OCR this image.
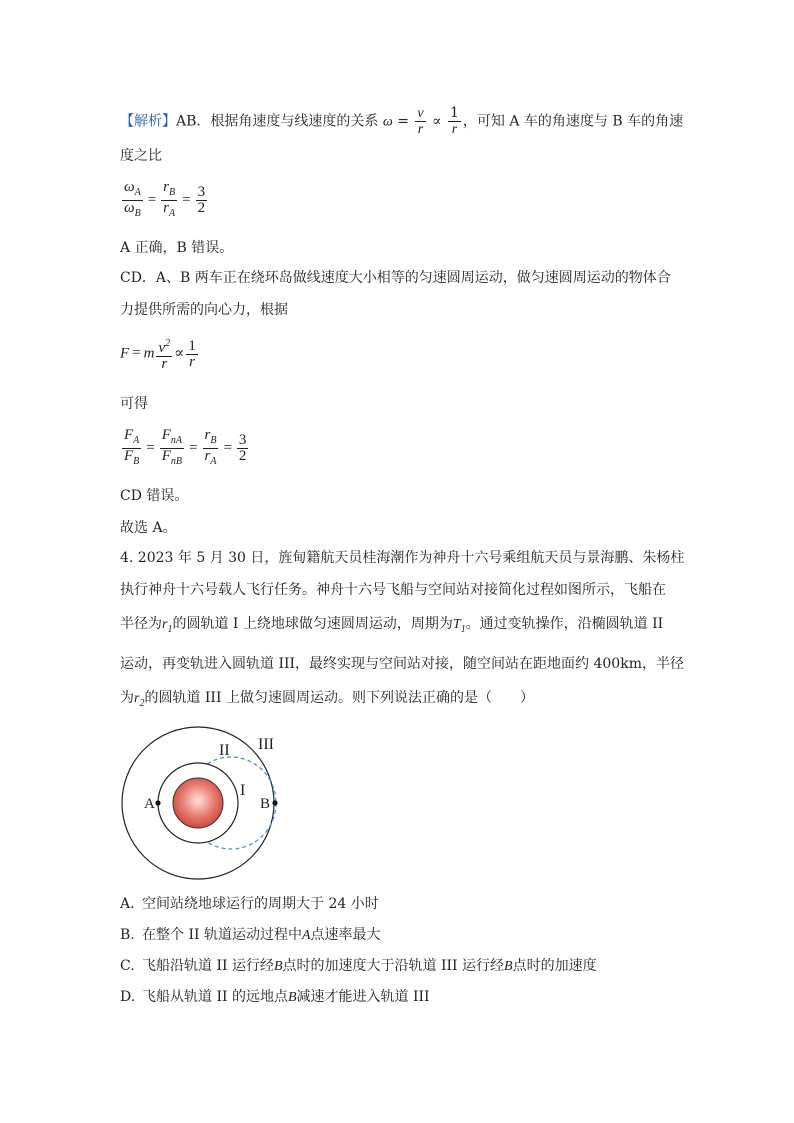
【解析】AB．根据角速度与线速度的关系 $\omega = \frac{v}{r} \propto \frac{1}{r}$ ，可知 A 车的角速度与 B 车的角速
度之比
$\frac{\omega_A}{\omega_B} = \frac{r_B}{r_A} = \frac{3}{2}$
A 正确，B 错误。
CD．A、B 两车正在绕环岛做线速度大小相等的匀速圆周运动，做匀速圆周运动的物体合
力提供所需的向心力，根据
F = m $\frac{v^2}{r} \propto \frac{1}{r}$
可得
$\frac{F_A}{F_B} = \frac{F_{nA}}{F_{nB}} = \frac{r_B}{r_A} = \frac{3}{2}$
CD 错误。
故选 A。
4. 2023 年 5 月 30 日，旌甸籍航天员桂海潮作为神舟十六号乘组航天员与景海鹏、朱杨柱
执行神舟十六号载人飞行任务。神舟十六号飞船与空间站对接简化过程如图所示，飞船在
半径为$r_1$的圆轨道 I 上绕地球做匀速圆周运动，周期为$T_1$。通过变轨操作，沿椭圆轨道 II
运动，再变轨进入圆轨道 III，最终实现与空间站对接，随空间站在距地面约 400km，半径
为$r_2$的圆轨道 III 上做匀速圆周运动。则下列说法正确的是（　　）
A	B
I
II III
A. 空间站绕地球运行的周期大于 24 小时
B. 在整个 II 轨道运动过程中A点速率最大
C. 飞船沿轨道 II 运行经B点时的加速度大于沿轨道 III 运行经B点时的加速度
D. 飞船从轨道 II 的远地点B减速才能进入轨道 III
